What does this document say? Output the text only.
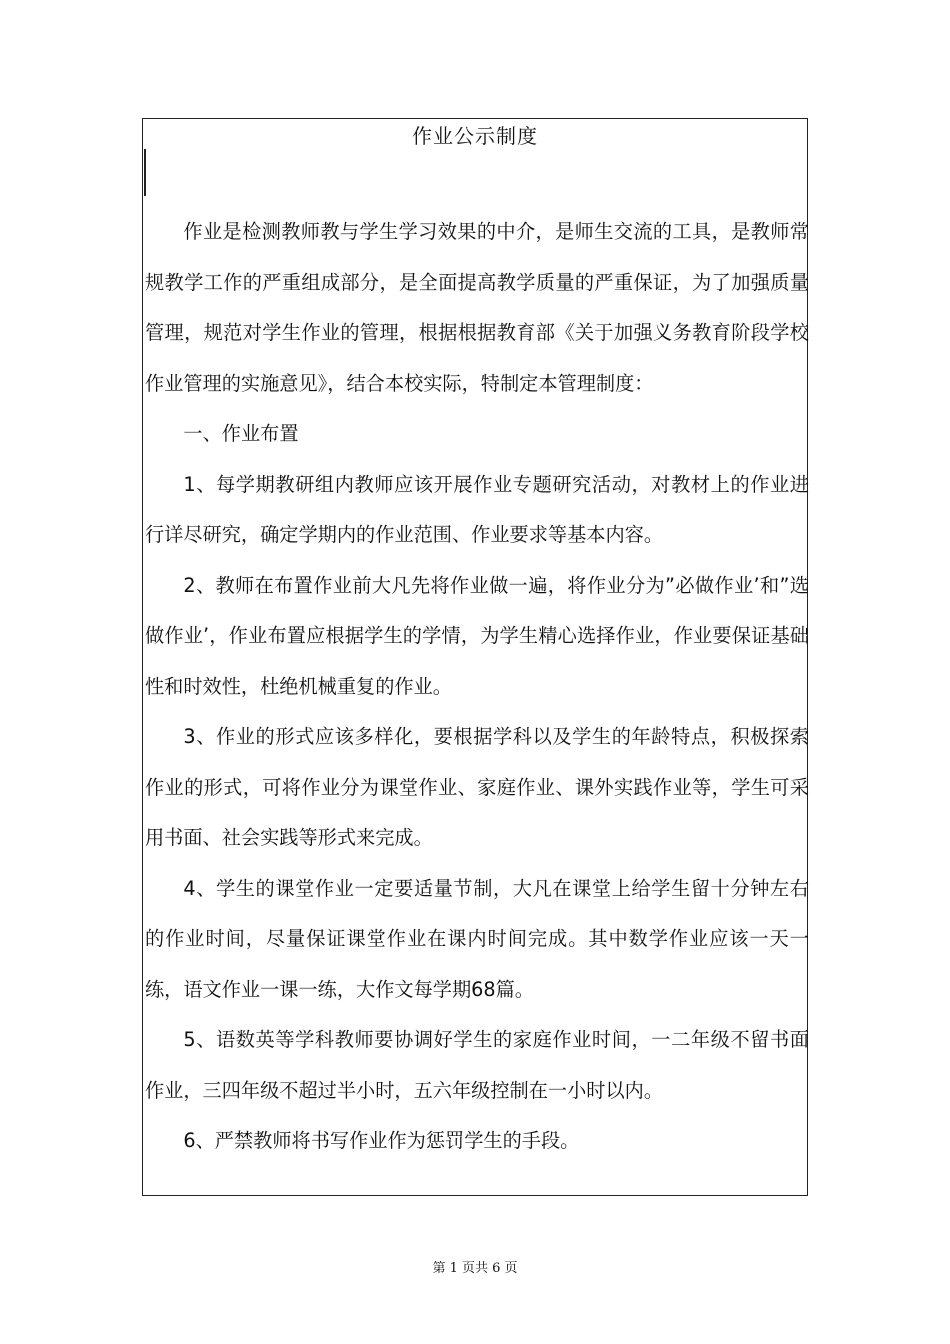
作业公示制度

作业是检测教师教与学生学习效果的中介，是师生交流的工具，是教师常规教学工作的严重组成部分，是全面提高教学质量的严重保证，为了加强质量管理，规范对学生作业的管理，根据根据教育部《关于加强义务教育阶段学校作业管理的实施意见》，结合本校实际，特制定本管理制度：

一、作业布置

1、每学期教研组内教师应该开展作业专题研究活动，对教材上的作业进行详尽研究，确定学期内的作业范围、作业要求等基本内容。

2、教师在布置作业前大凡先将作业做一遍，将作业分为”必做作业’和”选做作业’，作业布置应根据学生的学情，为学生精心选择作业，作业要保证基础性和时效性，杜绝机械重复的作业。

3、作业的形式应该多样化，要根据学科以及学生的年龄特点，积极探索作业的形式，可将作业分为课堂作业、家庭作业、课外实践作业等，学生可采用书面、社会实践等形式来完成。

4、学生的课堂作业一定要适量节制，大凡在课堂上给学生留十分钟左右的作业时间，尽量保证课堂作业在课内时间完成。其中数学作业应该一天一练，语文作业一课一练，大作文每学期68篇。

5、语数英等学科教师要协调好学生的家庭作业时间，一二年级不留书面作业，三四年级不超过半小时，五六年级控制在一小时以内。

6、严禁教师将书写作业作为惩罚学生的手段。

第 1 页共 6 页
